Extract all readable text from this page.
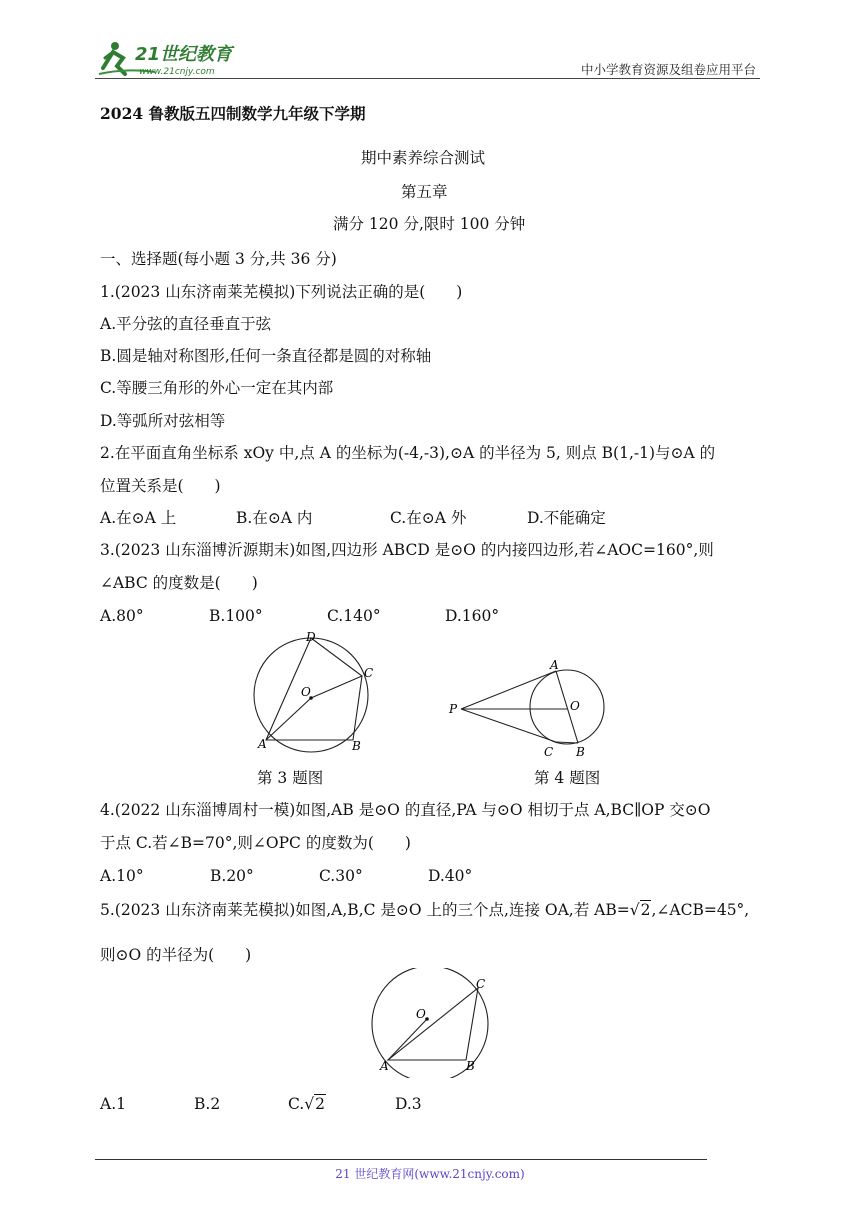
21世纪教育
www.21cnjy.com	中小学教育资源及组卷应用平台
2024 鲁教版五四制数学九年级下学期
期中素养综合测试
第五章
满分 120 分,限时 100 分钟
一、选择题(每小题 3 分,共 36 分)
1.(2023 山东济南莱芜模拟)下列说法正确的是(　　)
A.平分弦的直径垂直于弦
B.圆是轴对称图形,任何一条直径都是圆的对称轴
C.等腰三角形的外心一定在其内部
D.等弧所对弦相等
2.在平面直角坐标系 xOy 中,点 A 的坐标为(-4,-3),⊙A 的半径为 5, 则点 B(1,-1)与⊙A 的
位置关系是(　　)
A.在⊙A 上	B.在⊙A 内	C.在⊙A 外	D.不能确定
3.(2023 山东淄博沂源期末)如图,四边形 ABCD 是⊙O 的内接四边形,若∠AOC=160°,则
∠ABC 的度数是(　　)
A.80°	B.100°	C.140°	D.160°
O
D
C
A	B
第 3 题图
P	O
A
C B
第 4 题图
4.(2022 山东淄博周村一模)如图,AB 是⊙O 的直径,PA 与⊙O 相切于点 A,BC∥OP 交⊙O
于点 C.若∠B=70°,则∠OPC 的度数为(　　)
A.10°	B.20°	C.30°	D.40°
5.(2023 山东济南莱芜模拟)如图,A,B,C 是⊙O 上的三个点,连接 OA,若 AB=√2,∠ACB=45°,
则⊙O 的半径为(　　)
O
C
A	B
A.1	B.2	C.√2	D.3
21 世纪教育网(www.21cnjy.com)
